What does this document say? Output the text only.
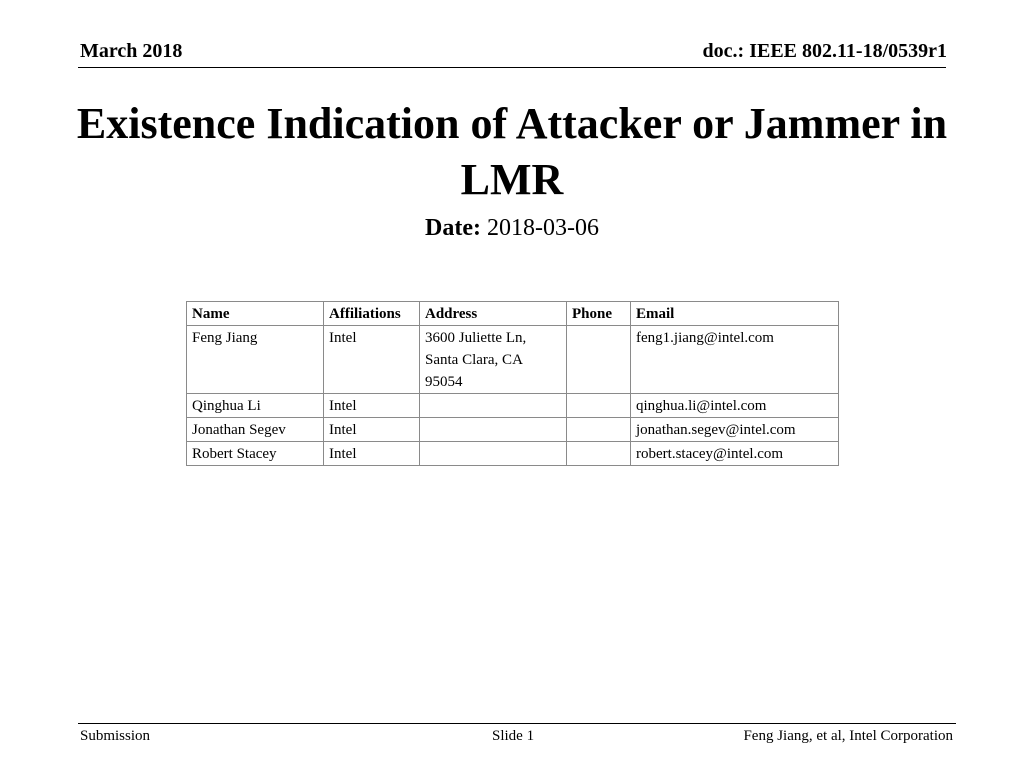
March 2018	doc.: IEEE 802.11-18/0539r1
Existence Indication of Attacker or Jammer in LMR
Date: 2018-03-06
Name	Affiliations	Address	Phone	Email
Feng Jiang	Intel	3600 Juliette Ln, Santa Clara, CA 95054		feng1.jiang@intel.com
Qinghua Li	Intel			qinghua.li@intel.com
Jonathan Segev	Intel			jonathan.segev@intel.com
Robert Stacey	Intel			robert.stacey@intel.com
Submission	Slide 1	Feng Jiang, et al, Intel Corporation
